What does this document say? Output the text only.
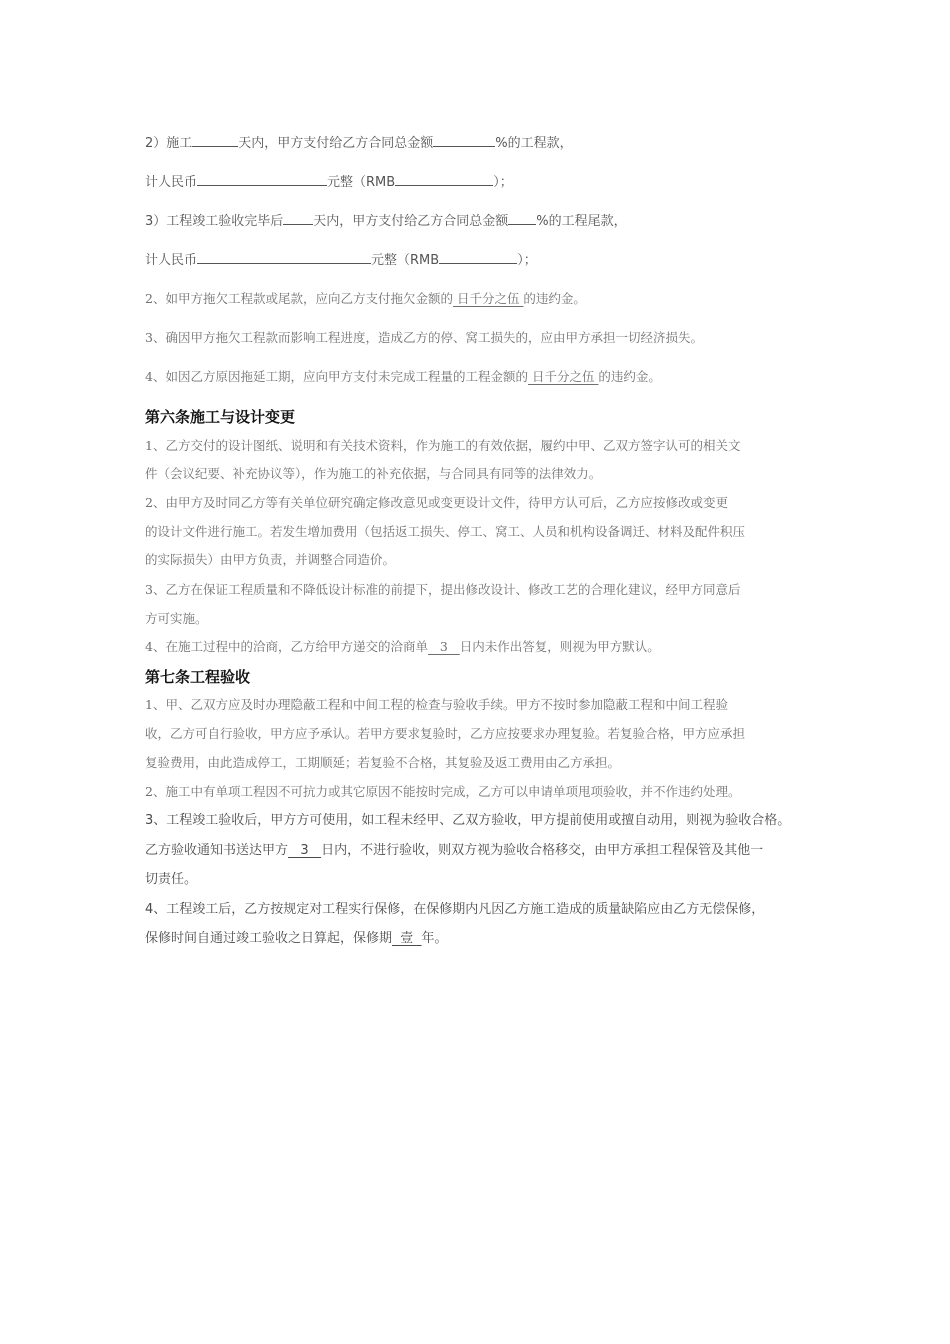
2）施工	天内，甲方支付给乙方合同总金额	%的工程款，
计人民币	元整（RMB	）；
3）工程竣工验收完毕后 天内，甲方支付给乙方合同总金额 %的工程尾款，
计人民币	元整（RMB	）；
2、如甲方拖欠工程款或尾款，应向乙方支付拖欠金额的 日千分之伍 的违约金。
3、确因甲方拖欠工程款而影响工程进度，造成乙方的停、窝工损失的，应由甲方承担一切经济损失。
4、如因乙方原因拖延工期，应向甲方支付未完成工程量的工程金额的 日千分之伍 的违约金。
第六条施工与设计变更
1、乙方交付的设计图纸、说明和有关技术资料，作为施工的有效依据，履约中甲、乙双方签字认可的相关文
件（会议纪要、补充协议等），作为施工的补充依据，与合同具有同等的法律效力。
2、由甲方及时同乙方等有关单位研究确定修改意见或变更设计文件，待甲方认可后，乙方应按修改或变更
的设计文件进行施工。若发生增加费用（包括返工损失、停工、窝工、人员和机构设备调迁、材料及配件积压
的实际损失）由甲方负责，并调整合同造价。
3、乙方在保证工程质量和不降低设计标准的前提下，提出修改设计、修改工艺的合理化建议，经甲方同意后
方可实施。
4、在施工过程中的洽商，乙方给甲方递交的洽商单   3   日内未作出答复，则视为甲方默认。
第七条工程验收
1、甲、乙双方应及时办理隐蔽工程和中间工程的检查与验收手续。甲方不按时参加隐蔽工程和中间工程验
收，乙方可自行验收，甲方应予承认。若甲方要求复验时，乙方应按要求办理复验。若复验合格，甲方应承担
复验费用，由此造成停工，工期顺延；若复验不合格，其复验及返工费用由乙方承担。
2、施工中有单项工程因不可抗力或其它原因不能按时完成，乙方可以申请单项甩项验收，并不作违约处理。
3、工程竣工验收后，甲方方可使用，如工程未经甲、乙双方验收，甲方提前使用或擅自动用，则视为验收合格。
乙方验收通知书送达甲方   3   日内，不进行验收，则双方视为验收合格移交，由甲方承担工程保管及其他一
切责任。
4、工程竣工后，乙方按规定对工程实行保修，在保修期内凡因乙方施工造成的质量缺陷应由乙方无偿保修，
保修时间自通过竣工验收之日算起，保修期  壹  年。
